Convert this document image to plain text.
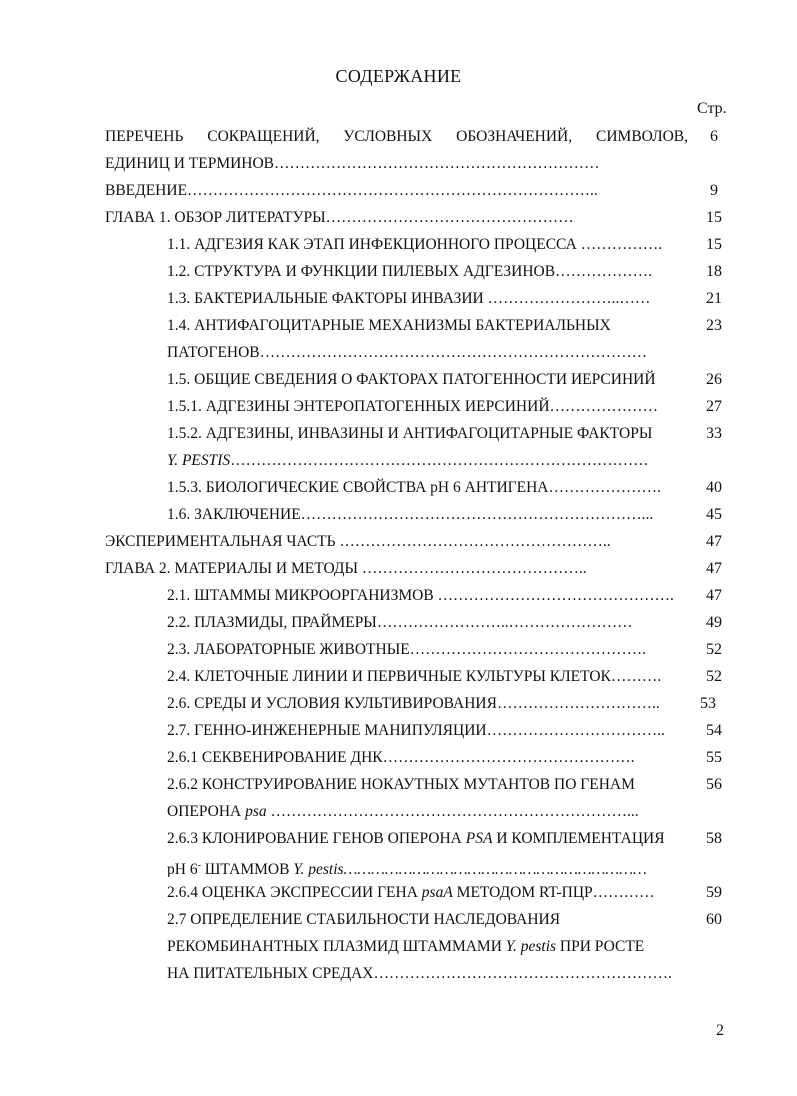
СОДЕРЖАНИЕ
Стр.
ПЕРЕЧЕНЬ СОКРАЩЕНИЙ, УСЛОВНЫХ ОБОЗНАЧЕНИЙ, СИМВОЛОВ,	6
ЕДИНИЦ И ТЕРМИНОВ………………………………………………………
ВВЕДЕНИЕ……………………………………………………………………..	9
ГЛАВА 1. ОБЗОР ЛИТЕРАТУРЫ…………………………………………	15
1.1. АДГЕЗИЯ КАК ЭТАП ИНФЕКЦИОННОГО ПРОЦЕССА …………….	15
1.2. СТРУКТУРА И ФУНКЦИИ ПИЛЕВЫХ АДГЕЗИНОВ……………….	18
1.3. БАКТЕРИАЛЬНЫЕ ФАКТОРЫ ИНВАЗИИ ……………………..……	21
1.4. АНТИФАГОЦИТАРНЫЕ МЕХАНИЗМЫ БАКТЕРИАЛЬНЫХ	23
ПАТОГЕНОВ…………………………………………………………………
1.5. ОБЩИЕ СВЕДЕНИЯ О ФАКТОРАХ ПАТОГЕННОСТИ ИЕРСИНИЙ	26
1.5.1. АДГЕЗИНЫ ЭНТЕРОПАТОГЕННЫХ ИЕРСИНИЙ…………………	27
1.5.2. АДГЕЗИНЫ, ИНВАЗИНЫ И АНТИФАГОЦИТАРНЫЕ ФАКТОРЫ	33
Y. PESTIS………………………………………………………………………
1.5.3. БИОЛОГИЧЕСКИЕ СВОЙСТВА pH 6 АНТИГЕНА………………….	40
1.6. ЗАКЛЮЧЕНИЕ…………………………………………………………...	45
ЭКСПЕРИМЕНТАЛЬНАЯ ЧАСТЬ ……………………………………………..	47
ГЛАВА 2. МАТЕРИАЛЫ И МЕТОДЫ ……………………………………..	47
2.1. ШТАММЫ МИКРООРГАНИЗМОВ ……………………………………….	47
2.2. ПЛАЗМИДЫ, ПРАЙМЕРЫ……………………..……………………	49
2.3. ЛАБОРАТОРНЫЕ ЖИВОТНЫЕ……………………………………….	52
2.4. КЛЕТОЧНЫЕ ЛИНИИ И ПЕРВИЧНЫЕ КУЛЬТУРЫ КЛЕТОК……….	52
2.6. СРЕДЫ И УСЛОВИЯ КУЛЬТИВИРОВАНИЯ…………………………..	53
2.7. ГЕННО-ИНЖЕНЕРНЫЕ МАНИПУЛЯЦИИ……………………………..	54
2.6.1 СЕКВЕНИРОВАНИЕ ДНК………………………………………….	55
2.6.2 КОНСТРУИРОВАНИЕ НОКАУТНЫХ МУТАНТОВ ПО ГЕНАМ	56
ОПЕРОНА psa ……………………………………………………………...
2.6.3 КЛОНИРОВАНИЕ ГЕНОВ ОПЕРОНА PSA И КОМПЛЕМЕНТАЦИЯ	58
pH 6- ШТАММОВ Y. pestis…………………………………………………………
2.6.4 ОЦЕНКА ЭКСПРЕССИИ ГЕНА psaA МЕТОДОМ RT-ПЦР…………	59
2.7 ОПРЕДЕЛЕНИЕ СТАБИЛЬНОСТИ НАСЛЕДОВАНИЯ	60
РЕКОМБИНАНТНЫХ ПЛАЗМИД ШТАММАМИ Y. pestis ПРИ РОСТЕ
НА ПИТАТЕЛЬНЫХ СРЕДАХ………………………………………………….
2
